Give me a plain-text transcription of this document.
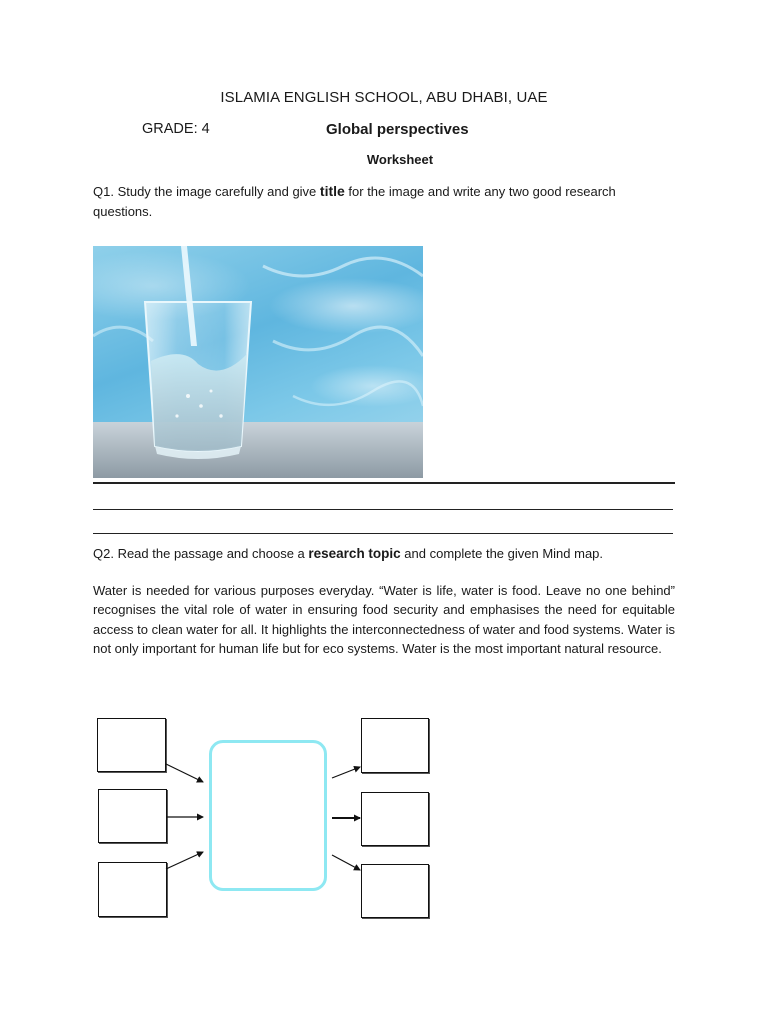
ISLAMIA ENGLISH SCHOOL, ABU DHABI, UAE
GRADE: 4	Global perspectives
Worksheet
Q1. Study the image carefully and give title for the image and write any two good research questions.
Q2. Read the passage and choose a research topic and complete the given Mind map.
Water is needed for various purposes everyday. “Water is life, water is food. Leave no one behind” recognises the vital role of water in ensuring food security and emphasises the need for equitable access to clean water for all. It highlights the interconnectedness of water and food systems. Water is not only important for human life but for eco systems. Water is the most important natural resource.
